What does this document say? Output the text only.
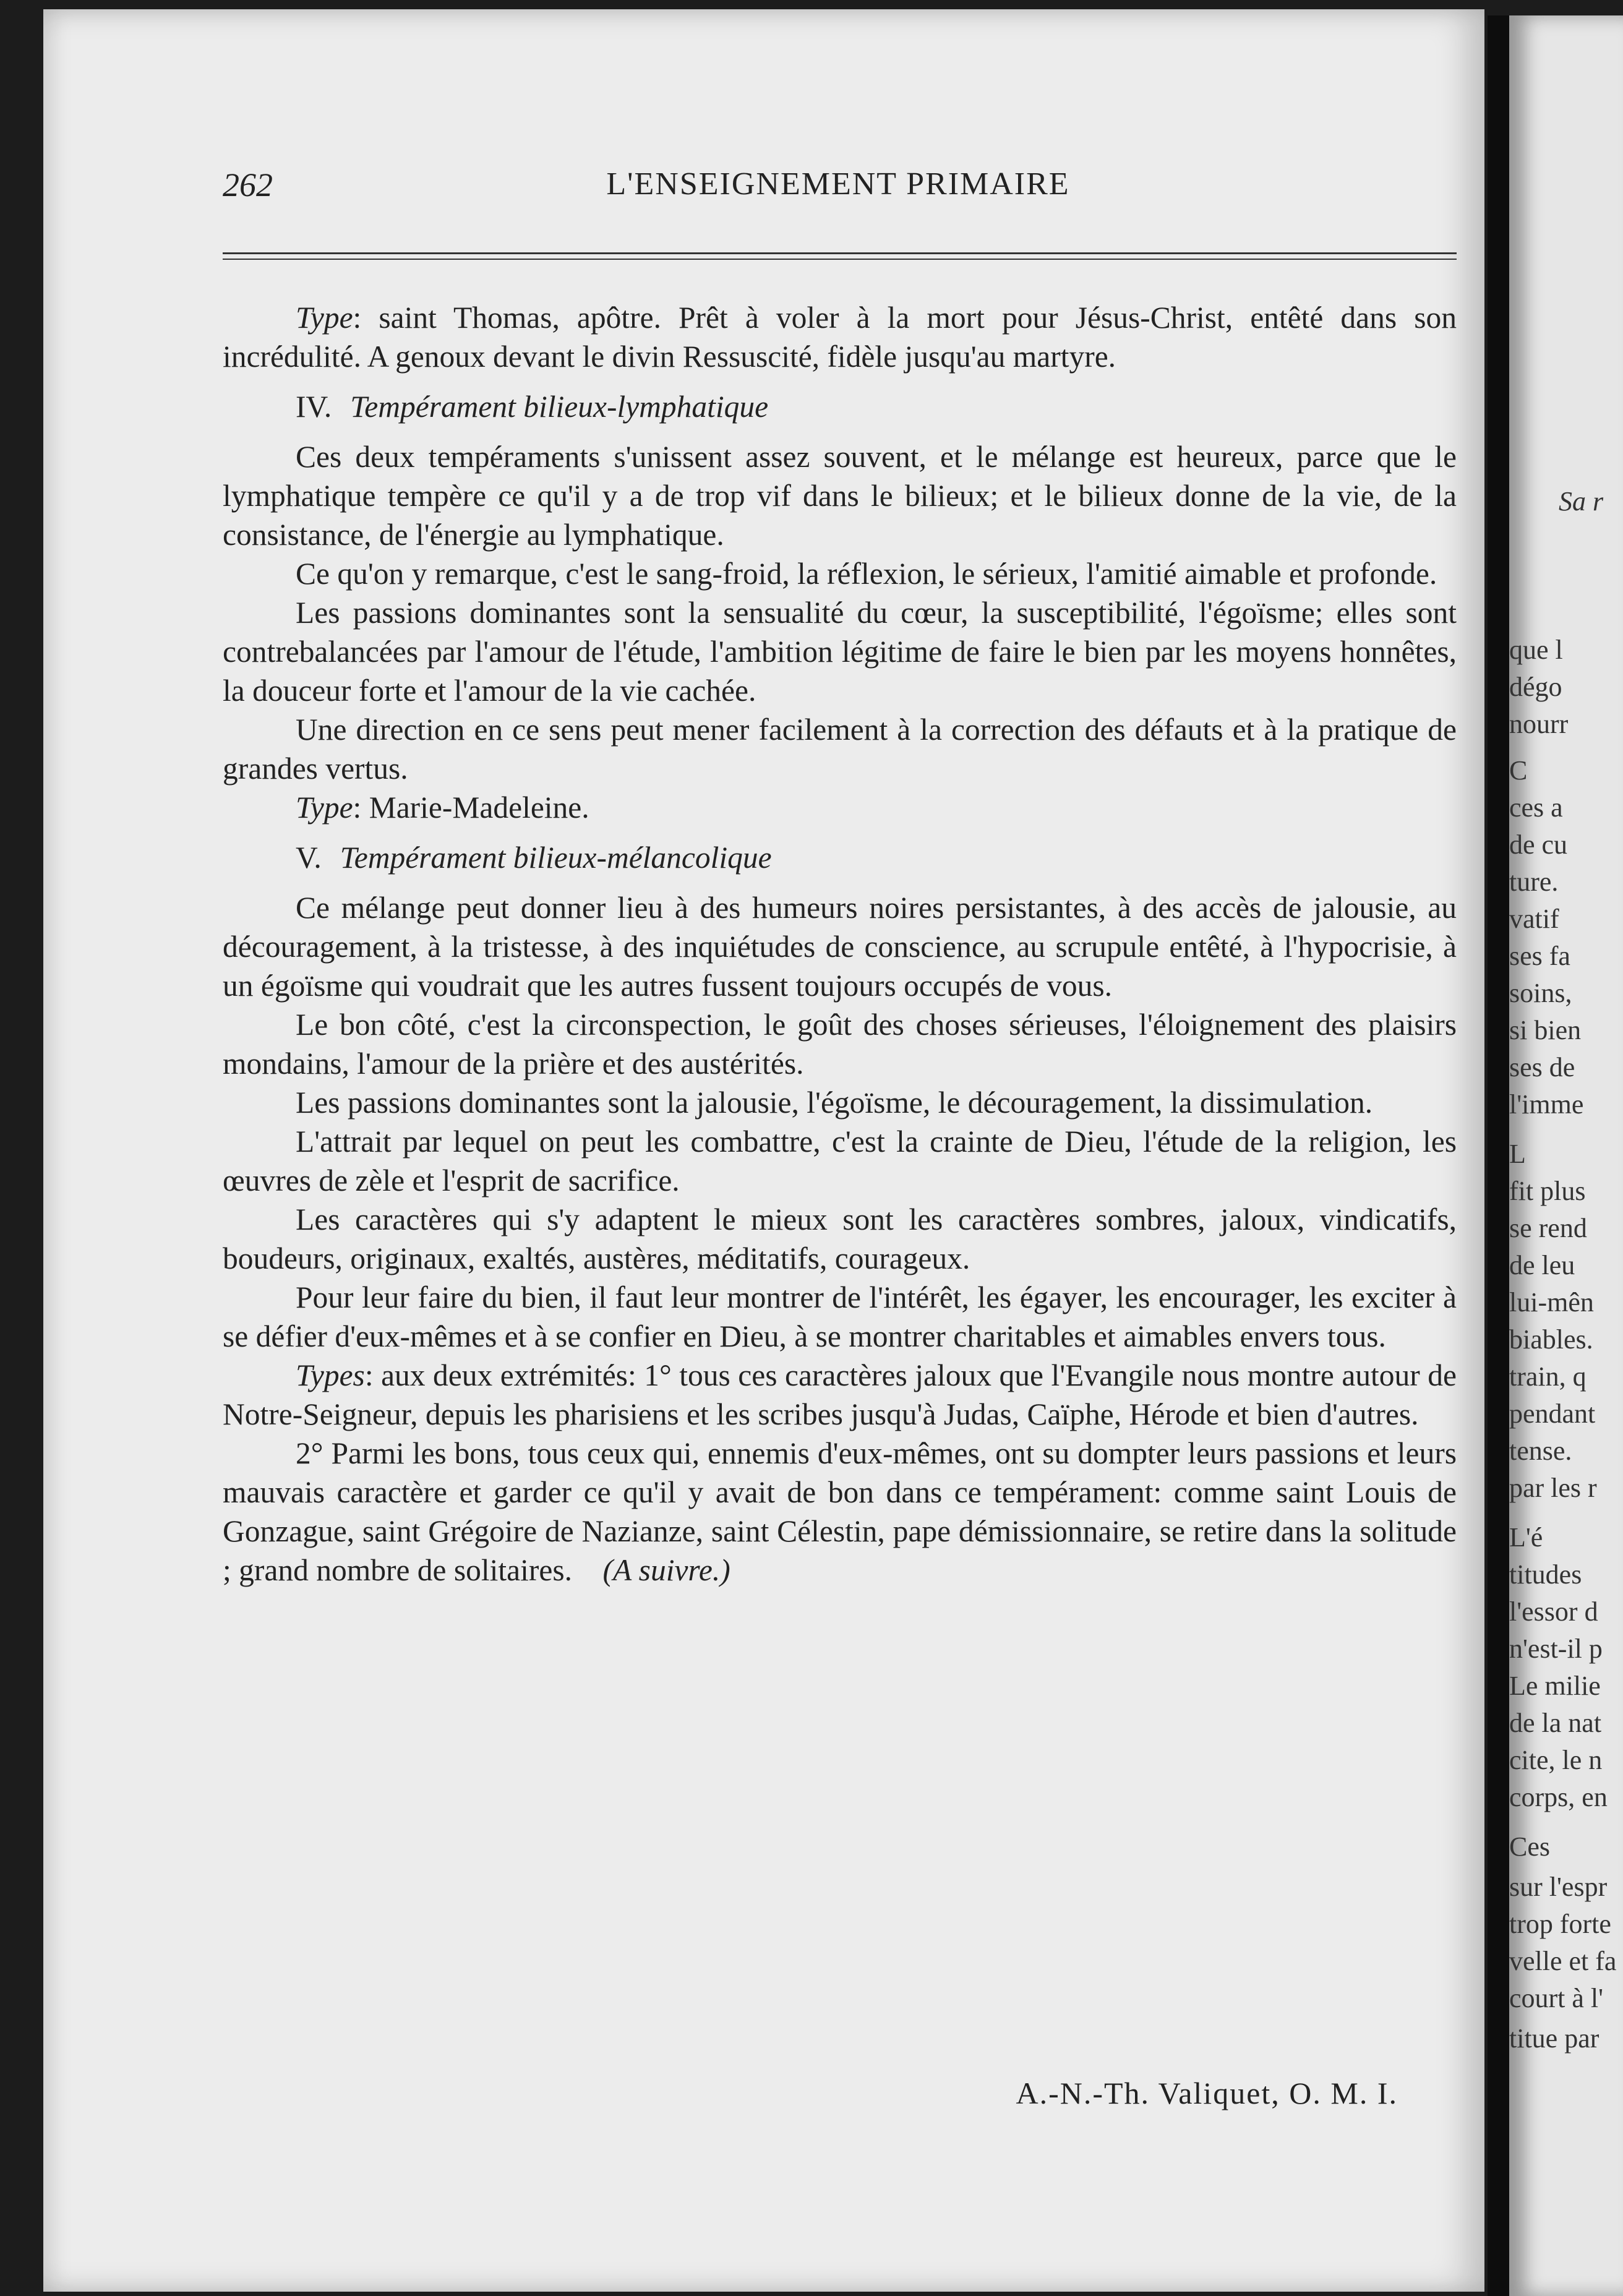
262	L'ENSEIGNEMENT PRIMAIRE

Type: saint Thomas, apôtre. Prêt à voler à la mort pour Jésus-Christ, entêté dans son incrédulité. A genoux devant le divin Ressuscité, fidèle jusqu'au martyre.

IV. Tempérament bilieux-lymphatique

Ces deux tempéraments s'unissent assez souvent, et le mélange est heureux, parce que le lymphatique tempère ce qu'il y a de trop vif dans le bilieux; et le bilieux donne de la vie, de la consistance, de l'énergie au lymphatique.

Ce qu'on y remarque, c'est le sang-froid, la réflexion, le sérieux, l'amitié aimable et profonde.

Les passions dominantes sont la sensualité du cœur, la susceptibilité, l'égoïsme; elles sont contrebalancées par l'amour de l'étude, l'ambition légitime de faire le bien par les moyens honnêtes, la douceur forte et l'amour de la vie cachée.

Une direction en ce sens peut mener facilement à la correction des défauts et à la pratique de grandes vertus.

Type: Marie-Madeleine.

V. Tempérament bilieux-mélancolique

Ce mélange peut donner lieu à des humeurs noires persistantes, à des accès de jalousie, au découragement, à la tristesse, à des inquiétudes de conscience, au scrupule entêté, à l'hypocrisie, à un égoïsme qui voudrait que les autres fussent toujours occupés de vous.

Le bon côté, c'est la circonspection, le goût des choses sérieuses, l'éloignement des plaisirs mondains, l'amour de la prière et des austérités.

Les passions dominantes sont la jalousie, l'égoïsme, le découragement, la dissimulation.

L'attrait par lequel on peut les combattre, c'est la crainte de Dieu, l'étude de la religion, les œuvres de zèle et l'esprit de sacrifice.

Les caractères qui s'y adaptent le mieux sont les caractères sombres, jaloux, vindicatifs, boudeurs, originaux, exaltés, austères, méditatifs, courageux.

Pour leur faire du bien, il faut leur montrer de l'intérêt, les égayer, les encourager, les exciter à se défier d'eux-mêmes et à se confier en Dieu, à se montrer charitables et aimables envers tous.

Types: aux deux extrémités: 1° tous ces caractères jaloux que l'Evangile nous montre autour de Notre-Seigneur, depuis les pharisiens et les scribes jusqu'à Judas, Caïphe, Hérode et bien d'autres.

2° Parmi les bons, tous ceux qui, ennemis d'eux-mêmes, ont su dompter leurs passions et leurs mauvais caractère et garder ce qu'il y avait de bon dans ce tempérament: comme saint Louis de Gonzague, saint Grégoire de Nazianze, saint Célestin, pape démissionnaire, se retire dans la solitude ; grand nombre de solitaires. (A suivre.)

A.-N.-Th. Valiquet, O. M. I.
Sa r
que l
dégo
nourr
C
ces a
de cu
ture.
vatif
ses fa
soins,
si bien
ses de
l'imme
L
fit plus
se rend
de leu
lui-mên
biables.
train, q
pendant
tense.
par les r
L'é
titudes
l'essor d
n'est-il p
Le milie
de la nat
cite, le n
corps, en
Ces
sur l'espr
trop forte
velle et fa
court à l'
titue par
